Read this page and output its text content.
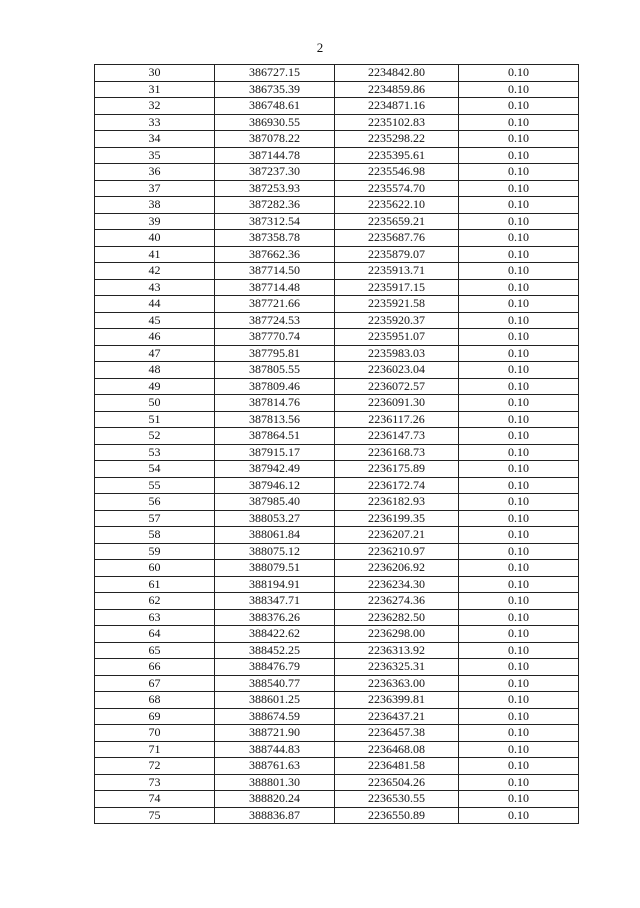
2
30	386727.15	2234842.80	0.10
31	386735.39	2234859.86	0.10
32	386748.61	2234871.16	0.10
33	386930.55	2235102.83	0.10
34	387078.22	2235298.22	0.10
35	387144.78	2235395.61	0.10
36	387237.30	2235546.98	0.10
37	387253.93	2235574.70	0.10
38	387282.36	2235622.10	0.10
39	387312.54	2235659.21	0.10
40	387358.78	2235687.76	0.10
41	387662.36	2235879.07	0.10
42	387714.50	2235913.71	0.10
43	387714.48	2235917.15	0.10
44	387721.66	2235921.58	0.10
45	387724.53	2235920.37	0.10
46	387770.74	2235951.07	0.10
47	387795.81	2235983.03	0.10
48	387805.55	2236023.04	0.10
49	387809.46	2236072.57	0.10
50	387814.76	2236091.30	0.10
51	387813.56	2236117.26	0.10
52	387864.51	2236147.73	0.10
53	387915.17	2236168.73	0.10
54	387942.49	2236175.89	0.10
55	387946.12	2236172.74	0.10
56	387985.40	2236182.93	0.10
57	388053.27	2236199.35	0.10
58	388061.84	2236207.21	0.10
59	388075.12	2236210.97	0.10
60	388079.51	2236206.92	0.10
61	388194.91	2236234.30	0.10
62	388347.71	2236274.36	0.10
63	388376.26	2236282.50	0.10
64	388422.62	2236298.00	0.10
65	388452.25	2236313.92	0.10
66	388476.79	2236325.31	0.10
67	388540.77	2236363.00	0.10
68	388601.25	2236399.81	0.10
69	388674.59	2236437.21	0.10
70	388721.90	2236457.38	0.10
71	388744.83	2236468.08	0.10
72	388761.63	2236481.58	0.10
73	388801.30	2236504.26	0.10
74	388820.24	2236530.55	0.10
75	388836.87	2236550.89	0.10
